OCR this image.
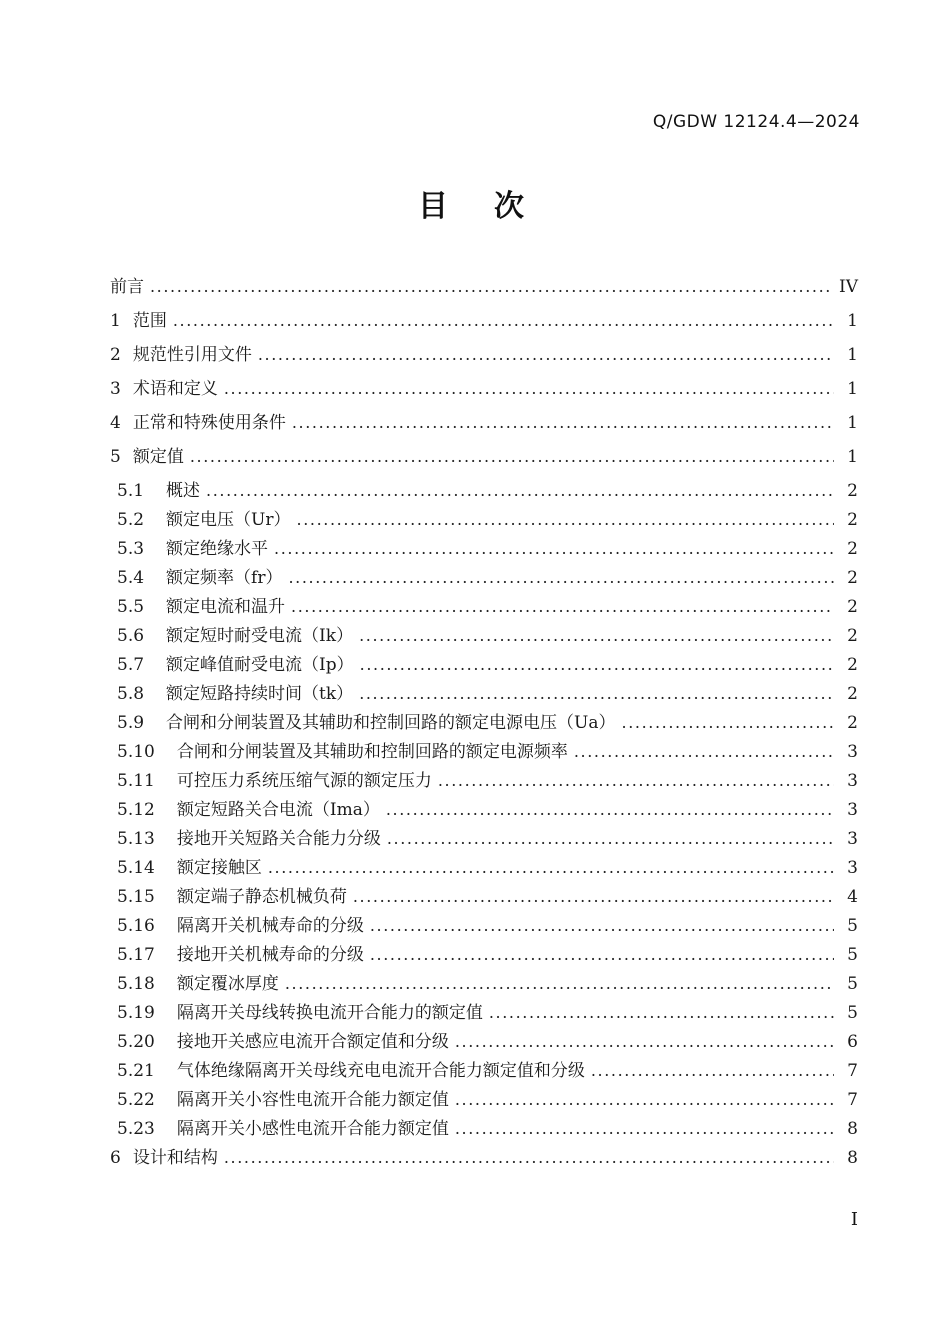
Q/GDW 12124.4—2024
目　次
前言 .....	IV
1 范围 .....	1
2 规范性引用文件 .....	1
3 术语和定义 .....	1
4 正常和特殊使用条件 .....	1
5 额定值 .....	1
5.1 概述 .....	2
5.2 额定电压（Ur） .....	2
5.3 额定绝缘水平 .....	2
5.4 额定频率（fr） .....	2
5.5 额定电流和温升 .....	2
5.6 额定短时耐受电流（Ik） .....	2
5.7 额定峰值耐受电流（Ip） .....	2
5.8 额定短路持续时间（tk） .....	2
5.9 合闸和分闸装置及其辅助和控制回路的额定电源电压（Ua） .....	2
5.10 合闸和分闸装置及其辅助和控制回路的额定电源频率 .....	3
5.11 可控压力系统压缩气源的额定压力 .....	3
5.12 额定短路关合电流（Ima） .....	3
5.13 接地开关短路关合能力分级 .....	3
5.14 额定接触区 .....	3
5.15 额定端子静态机械负荷 .....	4
5.16 隔离开关机械寿命的分级 .....	5
5.17 接地开关机械寿命的分级 .....	5
5.18 额定覆冰厚度 .....	5
5.19 隔离开关母线转换电流开合能力的额定值 .....	5
5.20 接地开关感应电流开合额定值和分级 .....	6
5.21 气体绝缘隔离开关母线充电电流开合能力额定值和分级 .....	7
5.22 隔离开关小容性电流开合能力额定值 .....	7
5.23 隔离开关小感性电流开合能力额定值 .....	8
6 设计和结构 .....	8
I
